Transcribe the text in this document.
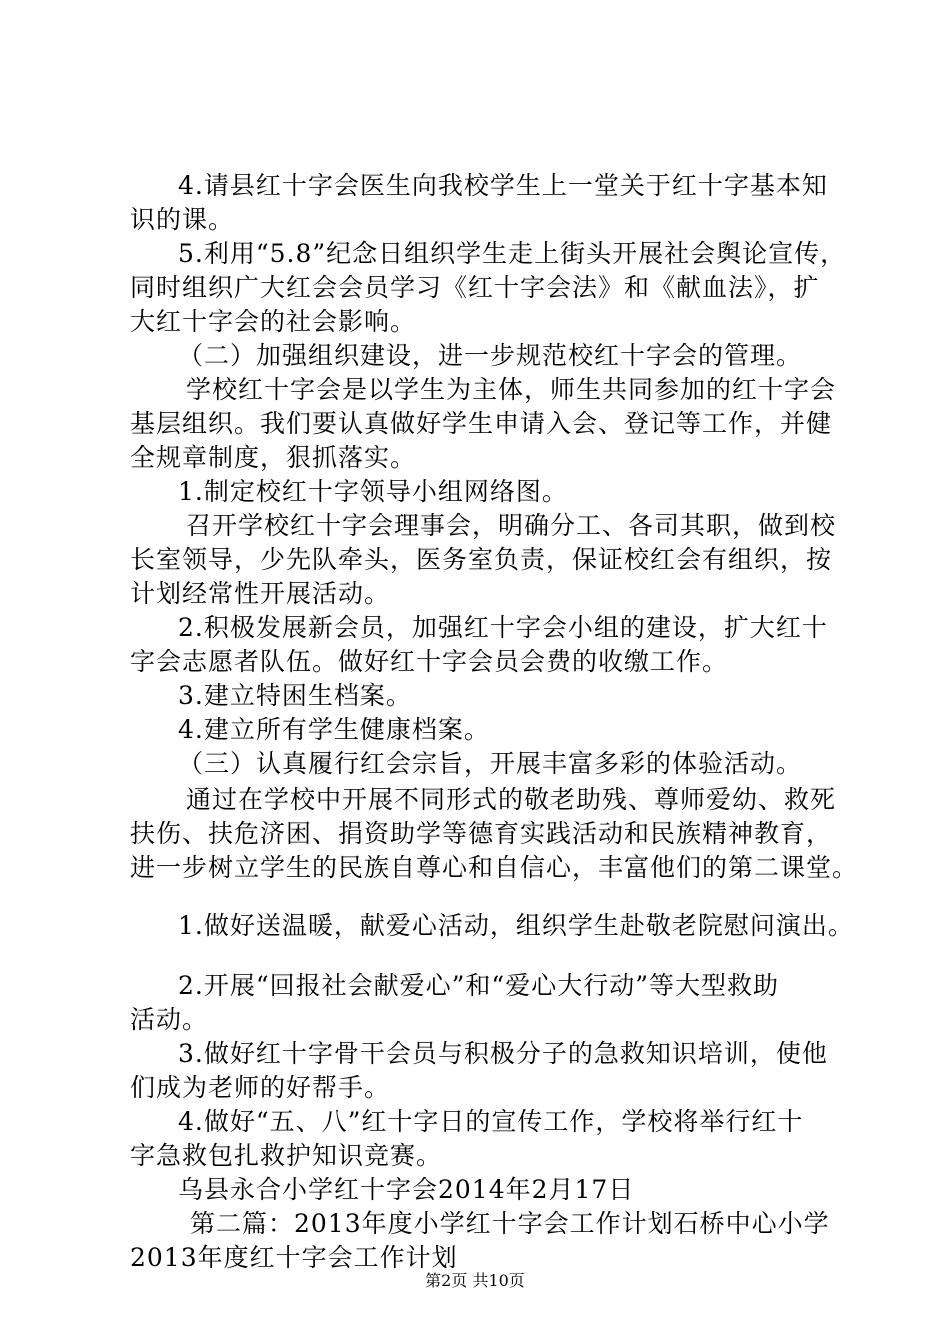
4.请县红十字会医生向我校学生上一堂关于红十字基本知
识的课。
5.利用“5.8”纪念日组织学生走上街头开展社会舆论宣传，
同时组织广大红会会员学习《红十字会法》和《献血法》，扩
大红十字会的社会影响。
（二）加强组织建设，进一步规范校红十字会的管理。
学校红十字会是以学生为主体，师生共同参加的红十字会
基层组织。我们要认真做好学生申请入会、登记等工作，并健
全规章制度，狠抓落实。
1.制定校红十字领导小组网络图。
召开学校红十字会理事会，明确分工、各司其职，做到校
长室领导，少先队牵头，医务室负责，保证校红会有组织，按
计划经常性开展活动。
2.积极发展新会员，加强红十字会小组的建设，扩大红十
字会志愿者队伍。做好红十字会员会费的收缴工作。
3.建立特困生档案。
4.建立所有学生健康档案。
（三）认真履行红会宗旨，开展丰富多彩的体验活动。
通过在学校中开展不同形式的敬老助残、尊师爱幼、救死
扶伤、扶危济困、捐资助学等德育实践活动和民族精神教育，
进一步树立学生的民族自尊心和自信心，丰富他们的第二课堂。
1.做好送温暖，献爱心活动，组织学生赴敬老院慰问演出。
2.开展“回报社会献爱心”和“爱心大行动”等大型救助
活动。
3.做好红十字骨干会员与积极分子的急救知识培训，使他
们成为老师的好帮手。
4.做好“五、八”红十字日的宣传工作，学校将举行红十
字急救包扎救护知识竞赛。
乌县永合小学红十字会2014年2月17日
第二篇：2013年度小学红十字会工作计划石桥中心小学
2013年度红十字会工作计划
第2页 共10页
